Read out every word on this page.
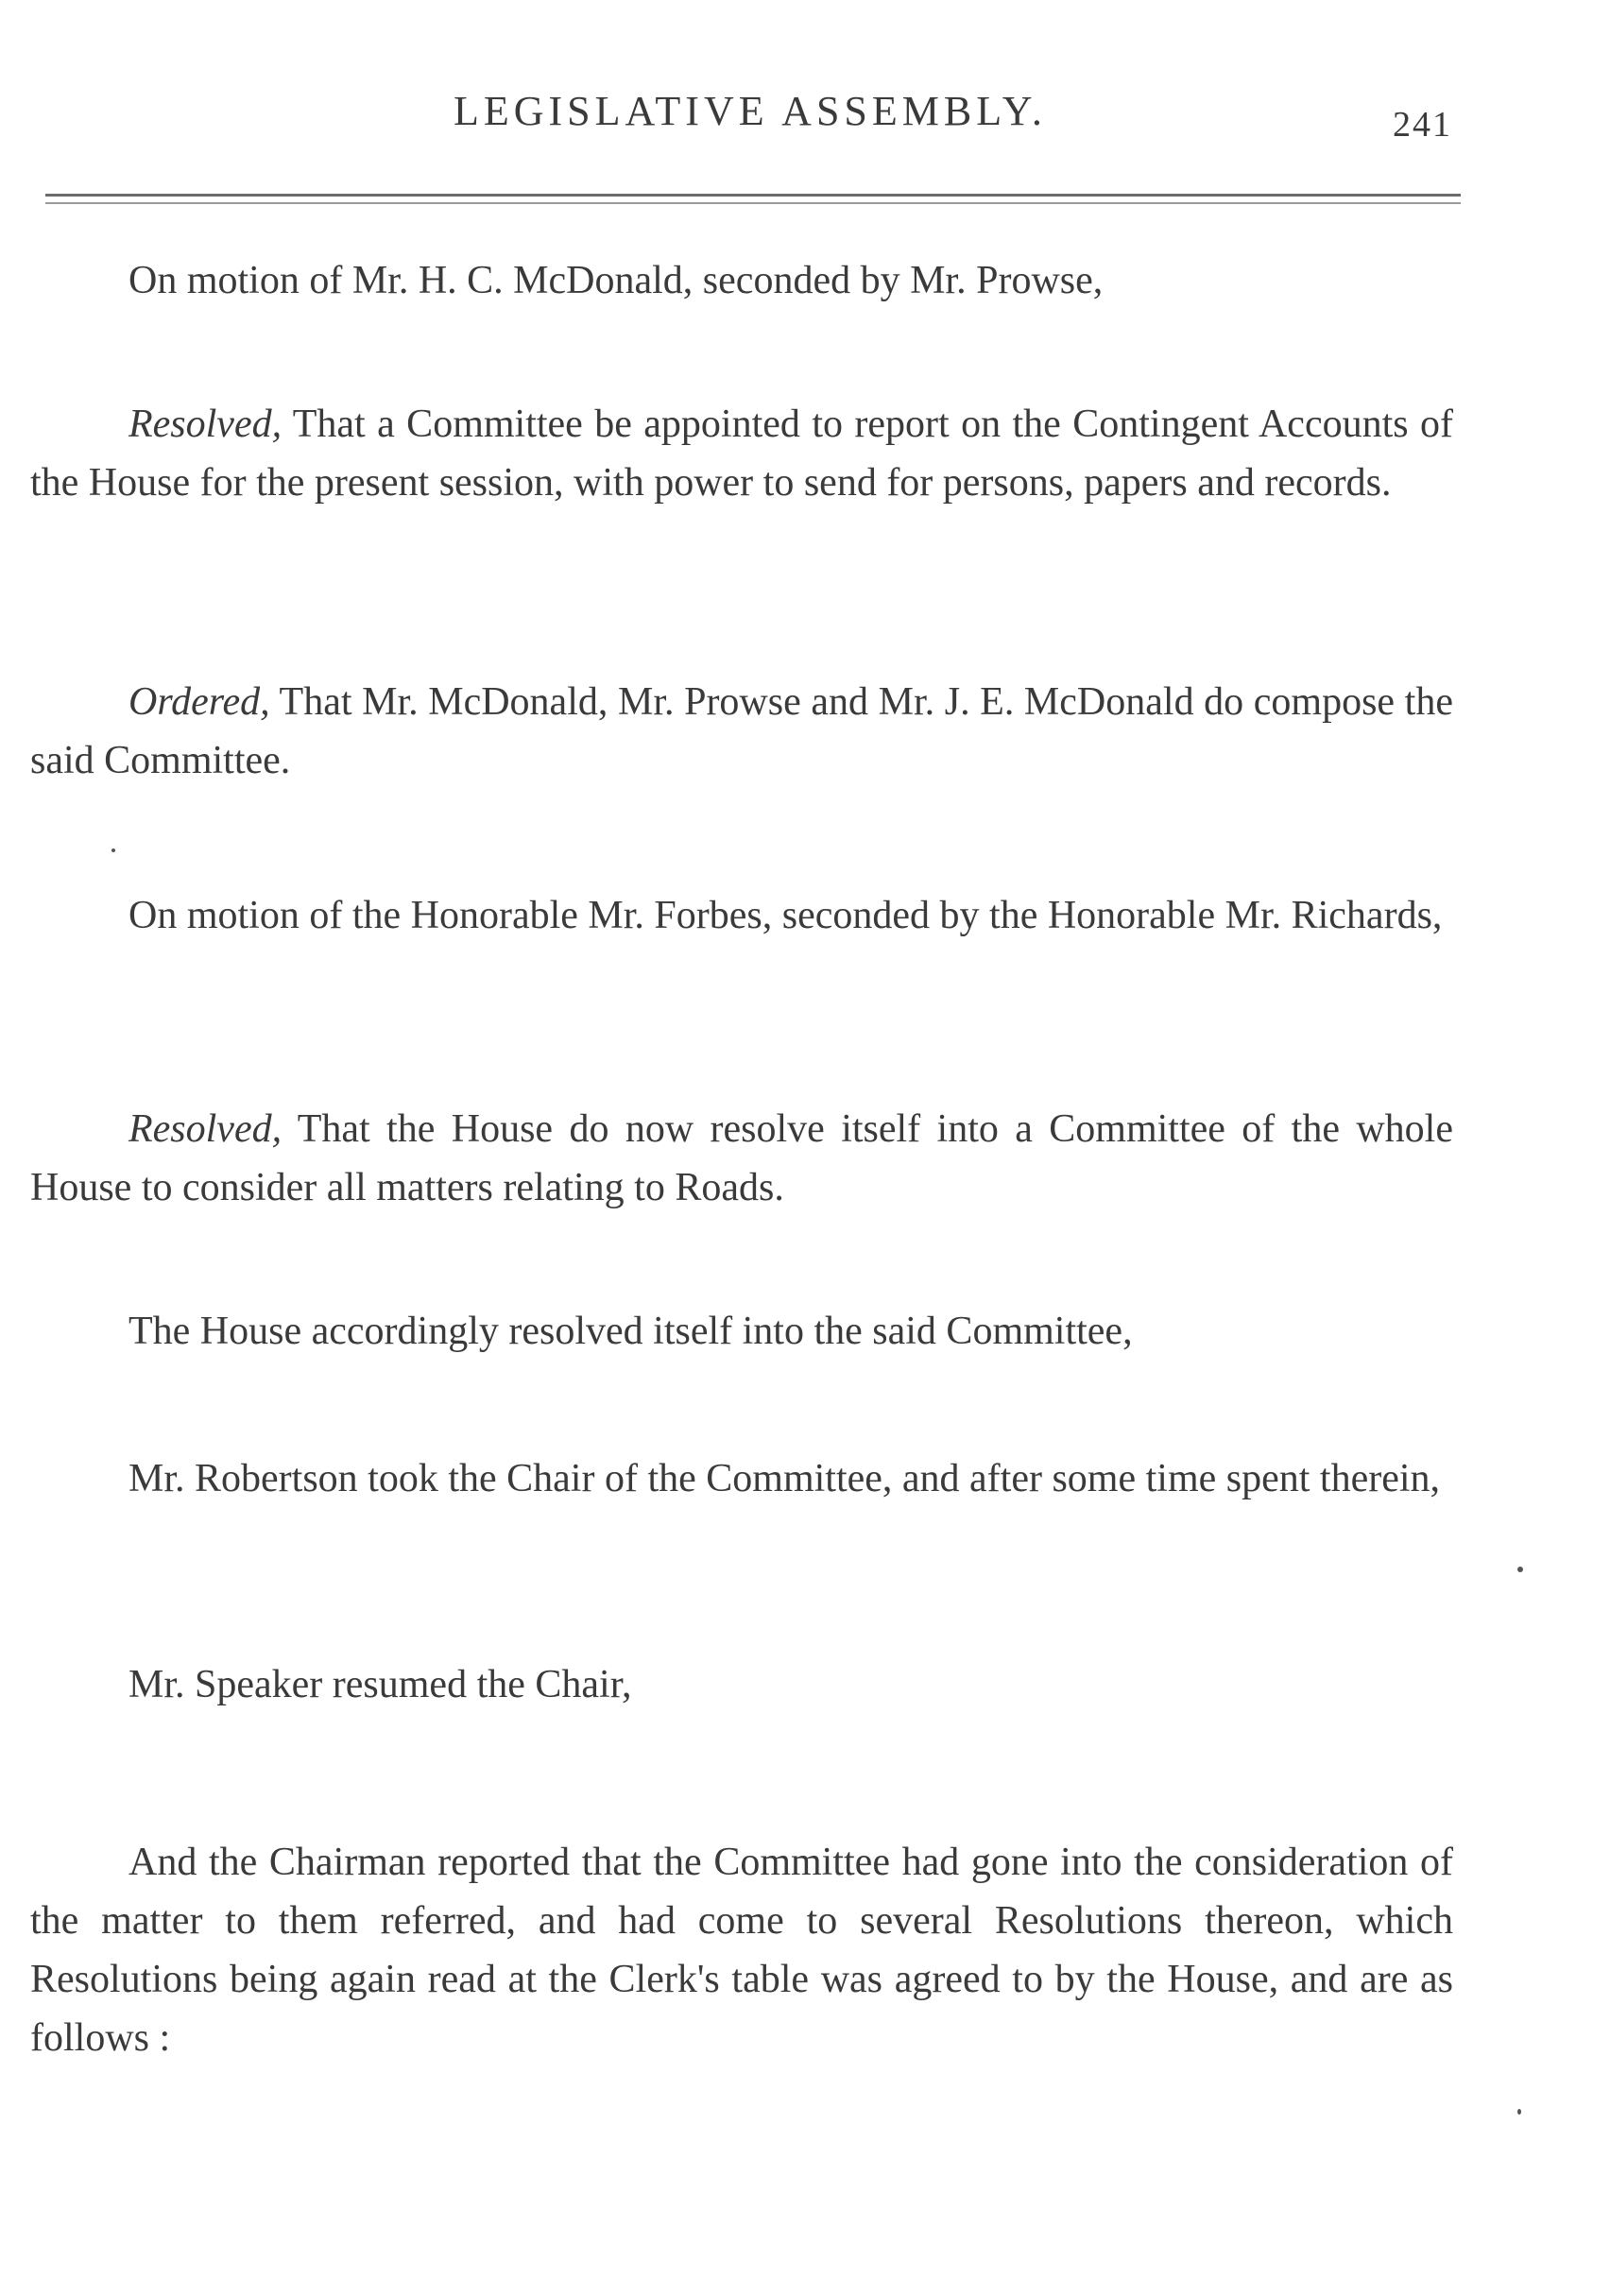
LEGISLATIVE ASSEMBLY.	241

On motion of Mr. H. C. McDonald, seconded by Mr. Prowse,

Resolved, That a Committee be appointed to report on the Contingent Accounts of the House for the present session, with power to send for persons, papers and records.

Ordered, That Mr. McDonald, Mr. Prowse and Mr. J. E. McDonald do compose the said Committee.

On motion of the Honorable Mr. Forbes, seconded by the Honorable Mr. Richards,

Resolved, That the House do now resolve itself into a Committee of the whole House to consider all matters relating to Roads.

The House accordingly resolved itself into the said Committee,

Mr. Robertson took the Chair of the Committee, and after some time spent therein,

Mr. Speaker resumed the Chair,

And the Chairman reported that the Committee had gone into the consideration of the matter to them referred, and had come to several Resolutions thereon, which Resolutions being again read at the Clerk's table was agreed to by the House, and are as follows :
